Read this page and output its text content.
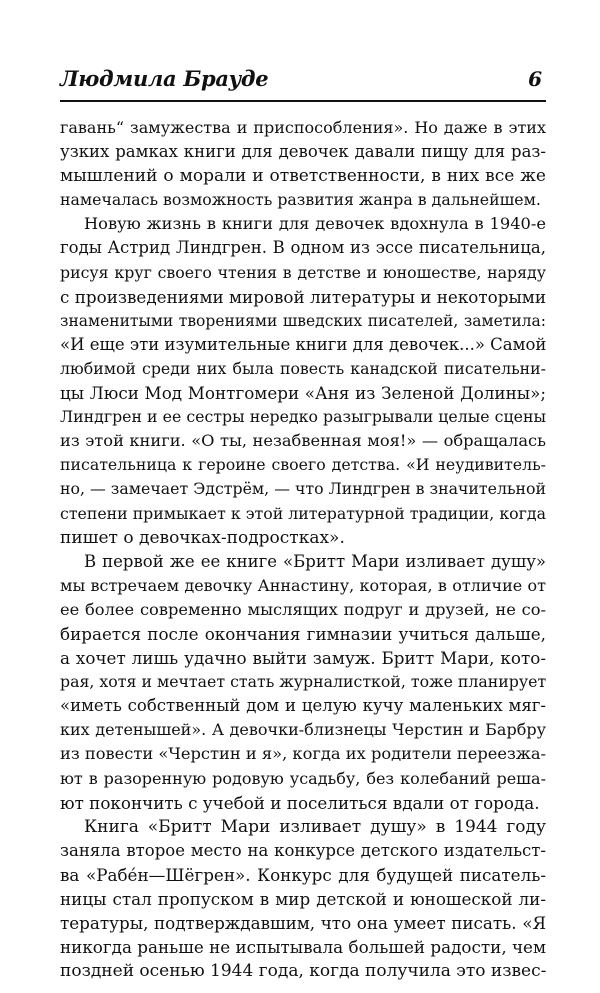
Людмила Брауде	6
гавань“ замужества и приспособления». Но даже в этих
узких рамках книги для девочек давали пищу для раз-
мышлений о морали и ответственности, в них все же
намечалась возможность развития жанра в дальнейшем.
Новую жизнь в книги для девочек вдохнула в 1940-е
годы Астрид Линдгрен. В одном из эссе писательница,
рисуя круг своего чтения в детстве и юношестве, наряду
с произведениями мировой литературы и некоторыми
знаменитыми творениями шведских писателей, заметила:
«И еще эти изумительные книги для девочек...» Самой
любимой среди них была повесть канадской писательни-
цы Люси Мод Монтгомери «Аня из Зеленой Долины»;
Линдгрен и ее сестры нередко разыгрывали целые сцены
из этой книги. «О ты, незабвенная моя!» — обращалась
писательница к героине своего детства. «И неудивитель-
но, — замечает Эдстрём, — что Линдгрен в значительной
степени примыкает к этой литературной традиции, когда
пишет о девочках-подростках».
В первой же ее книге «Бритт Мари изливает душу»
мы встречаем девочку Аннастину, которая, в отличие от
ее более современно мыслящих подруг и друзей, не со-
бирается после окончания гимназии учиться дальше,
а хочет лишь удачно выйти замуж. Бритт Мари, кото-
рая, хотя и мечтает стать журналисткой, тоже планирует
«иметь собственный дом и целую кучу маленьких мяг-
ких детенышей». А девочки-близнецы Черстин и Барбру
из повести «Черстин и я», когда их родители переезжа-
ют в разоренную родовую усадьбу, без колебаний реша-
ют покончить с учебой и поселиться вдали от города.
Книга «Бритт Мари изливает душу» в 1944 году
заняла второе место на конкурсе детского издательст-
ва «Рабе́н—Шёгрен». Конкурс для будущей писатель-
ницы стал пропуском в мир детской и юношеской ли-
тературы, подтверждавшим, что она умеет писать. «Я
никогда раньше не испытывала большей радости, чем
поздней осенью 1944 года, когда получила это извес-
